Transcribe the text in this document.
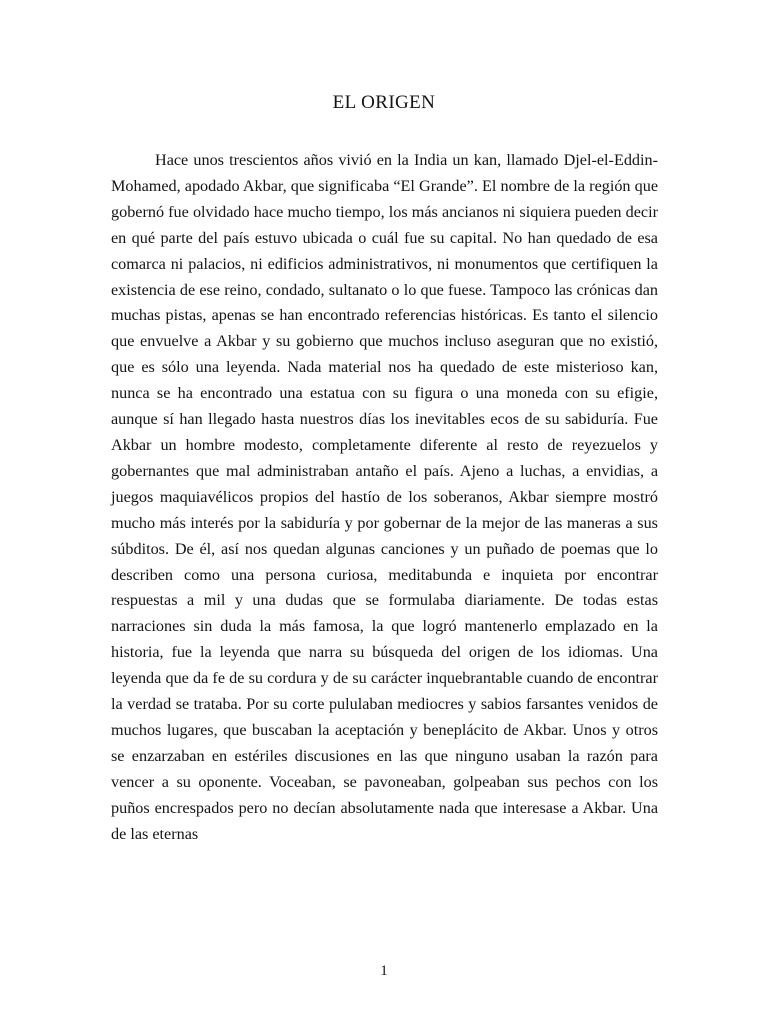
EL ORIGEN

Hace unos trescientos años vivió en la India un kan, llamado Djel-el-Eddin-Mohamed, apodado Akbar, que significaba “El Grande”. El nombre de la región que gobernó fue olvidado hace mucho tiempo, los más ancianos ni siquiera pueden decir en qué parte del país estuvo ubicada o cuál fue su capital. No han quedado de esa comarca ni palacios, ni edificios administrativos, ni monumentos que certifiquen la existencia de ese reino, condado, sultanato o lo que fuese. Tampoco las crónicas dan muchas pistas, apenas se han encontrado referencias históricas. Es tanto el silencio que envuelve a Akbar y su gobierno que muchos incluso aseguran que no existió, que es sólo una leyenda. Nada material nos ha quedado de este misterioso kan, nunca se ha encontrado una estatua con su figura o una moneda con su efigie, aunque sí han llegado hasta nuestros días los inevitables ecos de su sabiduría. Fue Akbar un hombre modesto, completamente diferente al resto de reyezuelos y gobernantes que mal administraban antaño el país. Ajeno a luchas, a envidias, a juegos maquiavélicos propios del hastío de los soberanos, Akbar siempre mostró mucho más interés por la sabiduría y por gobernar de la mejor de las maneras a sus súbditos. De él, así nos quedan algunas canciones y un puñado de poemas que lo describen como una persona curiosa, meditabunda e inquieta por encontrar respuestas a mil y una dudas que se formulaba diariamente. De todas estas narraciones sin duda la más famosa, la que logró mantenerlo emplazado en la historia, fue la leyenda que narra su búsqueda del origen de los idiomas. Una leyenda que da fe de su cordura y de su carácter inquebrantable cuando de encontrar la verdad se trataba. Por su corte pululaban mediocres y sabios farsantes venidos de muchos lugares, que buscaban la aceptación y beneplácito de Akbar. Unos y otros se enzarzaban en estériles discusiones en las que ninguno usaban la razón para vencer a su oponente. Voceaban, se pavoneaban, golpeaban sus pechos con los puños encrespados pero no decían absolutamente nada que interesase a Akbar. Una de las eternas

1
